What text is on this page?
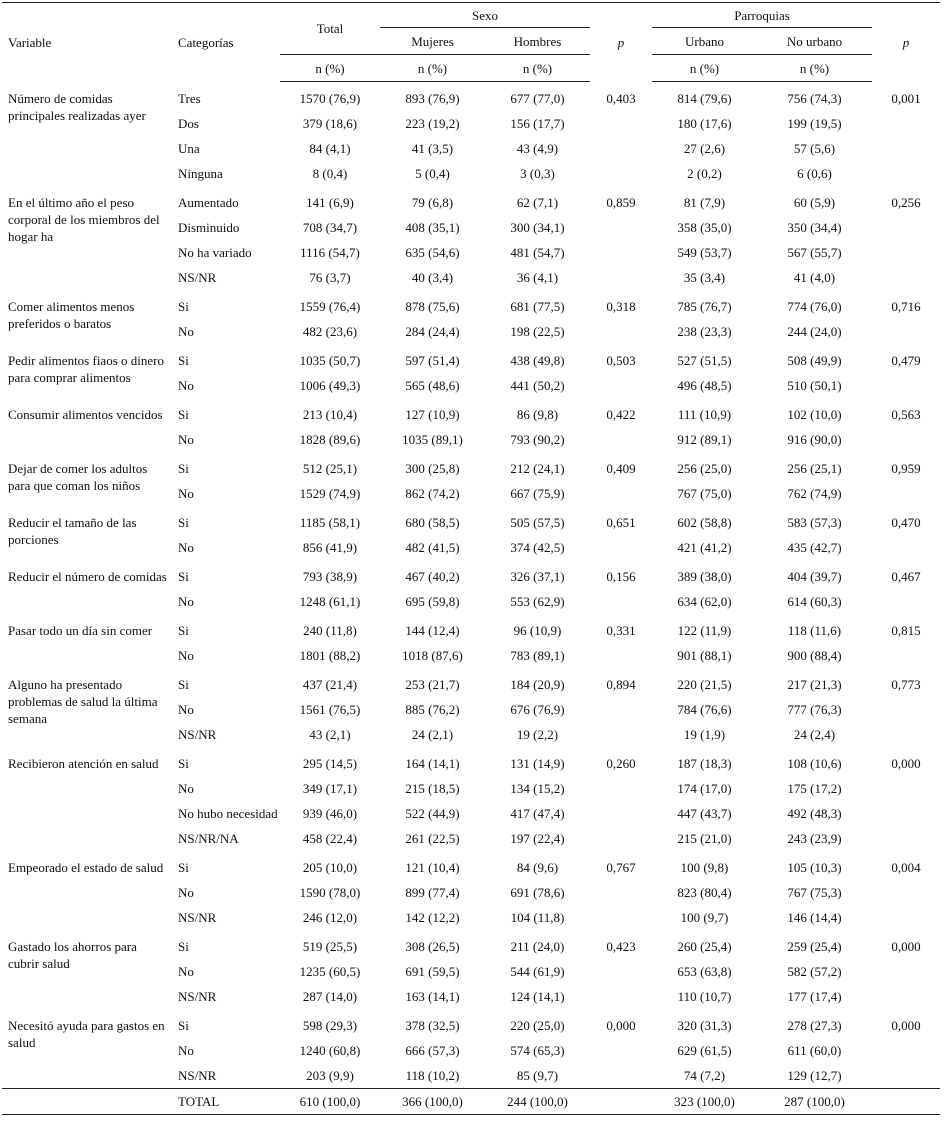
Variable	Categorías	Total	Sexo		p	Parroquias		p
			Mujeres	Hombres		Urbano	No urbano	
		n (%)	n (%)	n (%)		n (%)	n (%)	
Número de comidas principales realizadas ayer	Tres	1570 (76,9)	893 (76,9)	677 (77,0)	0,403	814 (79,6)	756 (74,3)	0,001
	Dos	379 (18,6)	223 (19,2)	156 (17,7)		180 (17,6)	199 (19,5)	
	Una	84 (4,1)	41 (3,5)	43 (4,9)		27 (2,6)	57 (5,6)	
	Ninguna	8 (0,4)	5 (0,4)	3 (0,3)		2 (0,2)	6 (0,6)	
En el último año el peso corporal de los miembros del hogar ha	Aumentado	141 (6,9)	79 (6,8)	62 (7,1)	0,859	81 (7,9)	60 (5,9)	0,256
	Disminuido	708 (34,7)	408 (35,1)	300 (34,1)		358 (35,0)	350 (34,4)	
	No ha variado	1116 (54,7)	635 (54,6)	481 (54,7)		549 (53,7)	567 (55,7)	
	NS/NR	76 (3,7)	40 (3,4)	36 (4,1)		35 (3,4)	41 (4,0)	
Comer alimentos menos preferidos o baratos	Si	1559 (76,4)	878 (75,6)	681 (77,5)	0,318	785 (76,7)	774 (76,0)	0,716
	No	482 (23,6)	284 (24,4)	198 (22,5)		238 (23,3)	244 (24,0)	
Pedir alimentos fiaos o dinero para comprar alimentos	Si	1035 (50,7)	597 (51,4)	438 (49,8)	0,503	527 (51,5)	508 (49,9)	0,479
	No	1006 (49,3)	565 (48,6)	441 (50,2)		496 (48,5)	510 (50,1)	
Consumir alimentos vencidos	Si	213 (10,4)	127 (10,9)	86 (9,8)	0,422	111 (10,9)	102 (10,0)	0,563
	No	1828 (89,6)	1035 (89,1)	793 (90,2)		912 (89,1)	916 (90,0)	
Dejar de comer los adultos para que coman los niños	Si	512 (25,1)	300 (25,8)	212 (24,1)	0,409	256 (25,0)	256 (25,1)	0,959
	No	1529 (74,9)	862 (74,2)	667 (75,9)		767 (75,0)	762 (74,9)	
Reducir el tamaño de las porciones	Si	1185 (58,1)	680 (58,5)	505 (57,5)	0,651	602 (58,8)	583 (57,3)	0,470
	No	856 (41,9)	482 (41,5)	374 (42,5)		421 (41,2)	435 (42,7)	
Reducir el número de comidas	Si	793 (38,9)	467 (40,2)	326 (37,1)	0,156	389 (38,0)	404 (39,7)	0,467
	No	1248 (61,1)	695 (59,8)	553 (62,9)		634 (62,0)	614 (60,3)	
Pasar todo un día sin comer	Si	240 (11,8)	144 (12,4)	96 (10,9)	0,331	122 (11,9)	118 (11,6)	0,815
	No	1801 (88,2)	1018 (87,6)	783 (89,1)		901 (88,1)	900 (88,4)	
Alguno ha presentado problemas de salud la última semana	Si	437 (21,4)	253 (21,7)	184 (20,9)	0,894	220 (21,5)	217 (21,3)	0,773
	No	1561 (76,5)	885 (76,2)	676 (76,9)		784 (76,6)	777 (76,3)	
	NS/NR	43 (2,1)	24 (2,1)	19 (2,2)		19 (1,9)	24 (2,4)	
Recibieron atención en salud	Si	295 (14,5)	164 (14,1)	131 (14,9)	0,260	187 (18,3)	108 (10,6)	0,000
	No	349 (17,1)	215 (18,5)	134 (15,2)		174 (17,0)	175 (17,2)	
	No hubo necesidad	939 (46,0)	522 (44,9)	417 (47,4)		447 (43,7)	492 (48,3)	
	NS/NR/NA	458 (22,4)	261 (22,5)	197 (22,4)		215 (21,0)	243 (23,9)	
Empeorado el estado de salud	Si	205 (10,0)	121 (10,4)	84 (9,6)	0,767	100 (9,8)	105 (10,3)	0,004
	No	1590 (78,0)	899 (77,4)	691 (78,6)		823 (80,4)	767 (75,3)	
	NS/NR	246 (12,0)	142 (12,2)	104 (11,8)		100 (9,7)	146 (14,4)	
Gastado los ahorros para cubrir salud	Si	519 (25,5)	308 (26,5)	211 (24,0)	0,423	260 (25,4)	259 (25,4)	0,000
	No	1235 (60,5)	691 (59,5)	544 (61,9)		653 (63,8)	582 (57,2)	
	NS/NR	287 (14,0)	163 (14,1)	124 (14,1)		110 (10,7)	177 (17,4)	
Necesitó ayuda para gastos en salud	Si	598 (29,3)	378 (32,5)	220 (25,0)	0,000	320 (31,3)	278 (27,3)	0,000
	No	1240 (60,8)	666 (57,3)	574 (65,3)		629 (61,5)	611 (60,0)	
	NS/NR	203 (9,9)	118 (10,2)	85 (9,7)		74 (7,2)	129 (12,7)	
	TOTAL	610 (100,0)	366 (100,0)	244 (100,0)		323 (100,0)	287 (100,0)	
